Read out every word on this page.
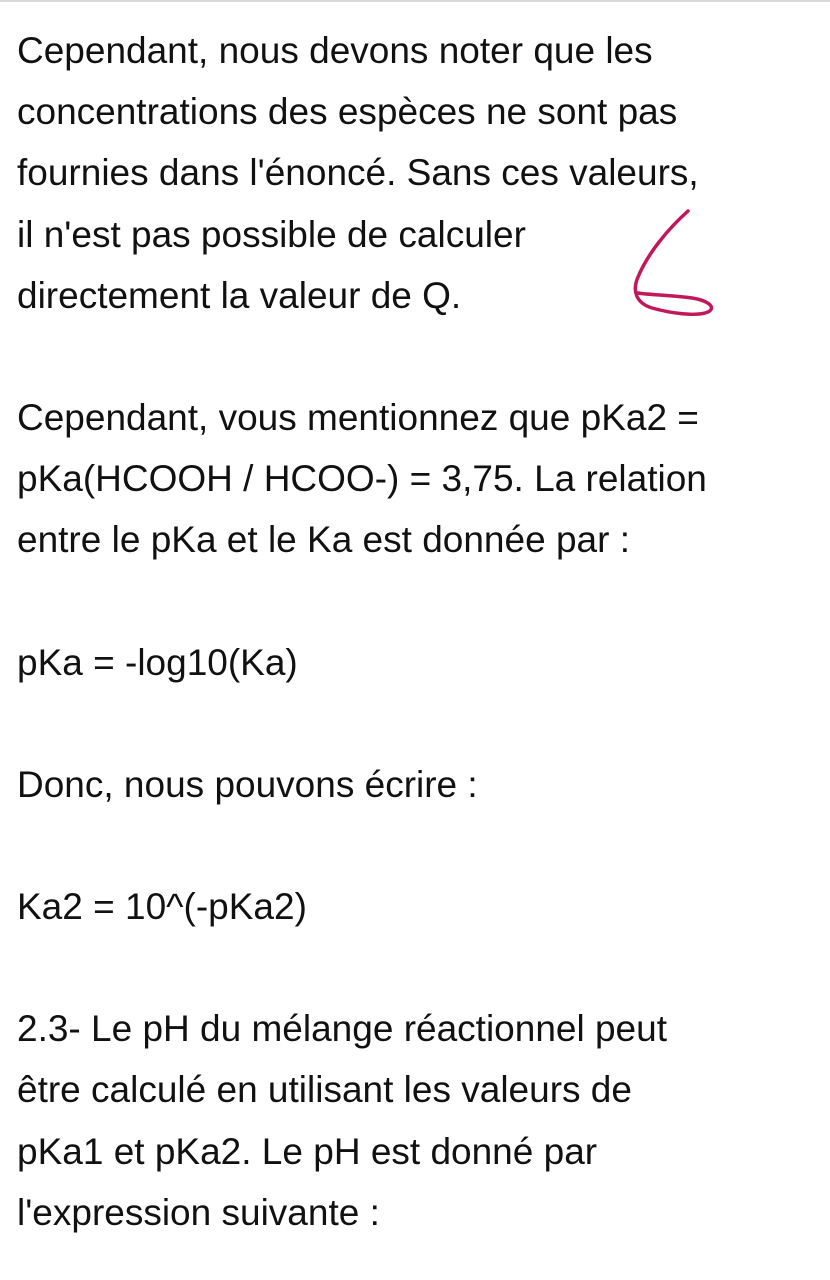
Cependant, nous devons noter que les
concentrations des espèces ne sont pas
fournies dans l'énoncé. Sans ces valeurs,
il n'est pas possible de calculer
directement la valeur de Q.

Cependant, vous mentionnez que pKa2 =
pKa(HCOOH / HCOO-) = 3,75. La relation
entre le pKa et le Ka est donnée par :

pKa = -log10(Ka)

Donc, nous pouvons écrire :

Ka2 = 10^(-pKa2)

2.3- Le pH du mélange réactionnel peut
être calculé en utilisant les valeurs de
pKa1 et pKa2. Le pH est donné par
l'expression suivante :
